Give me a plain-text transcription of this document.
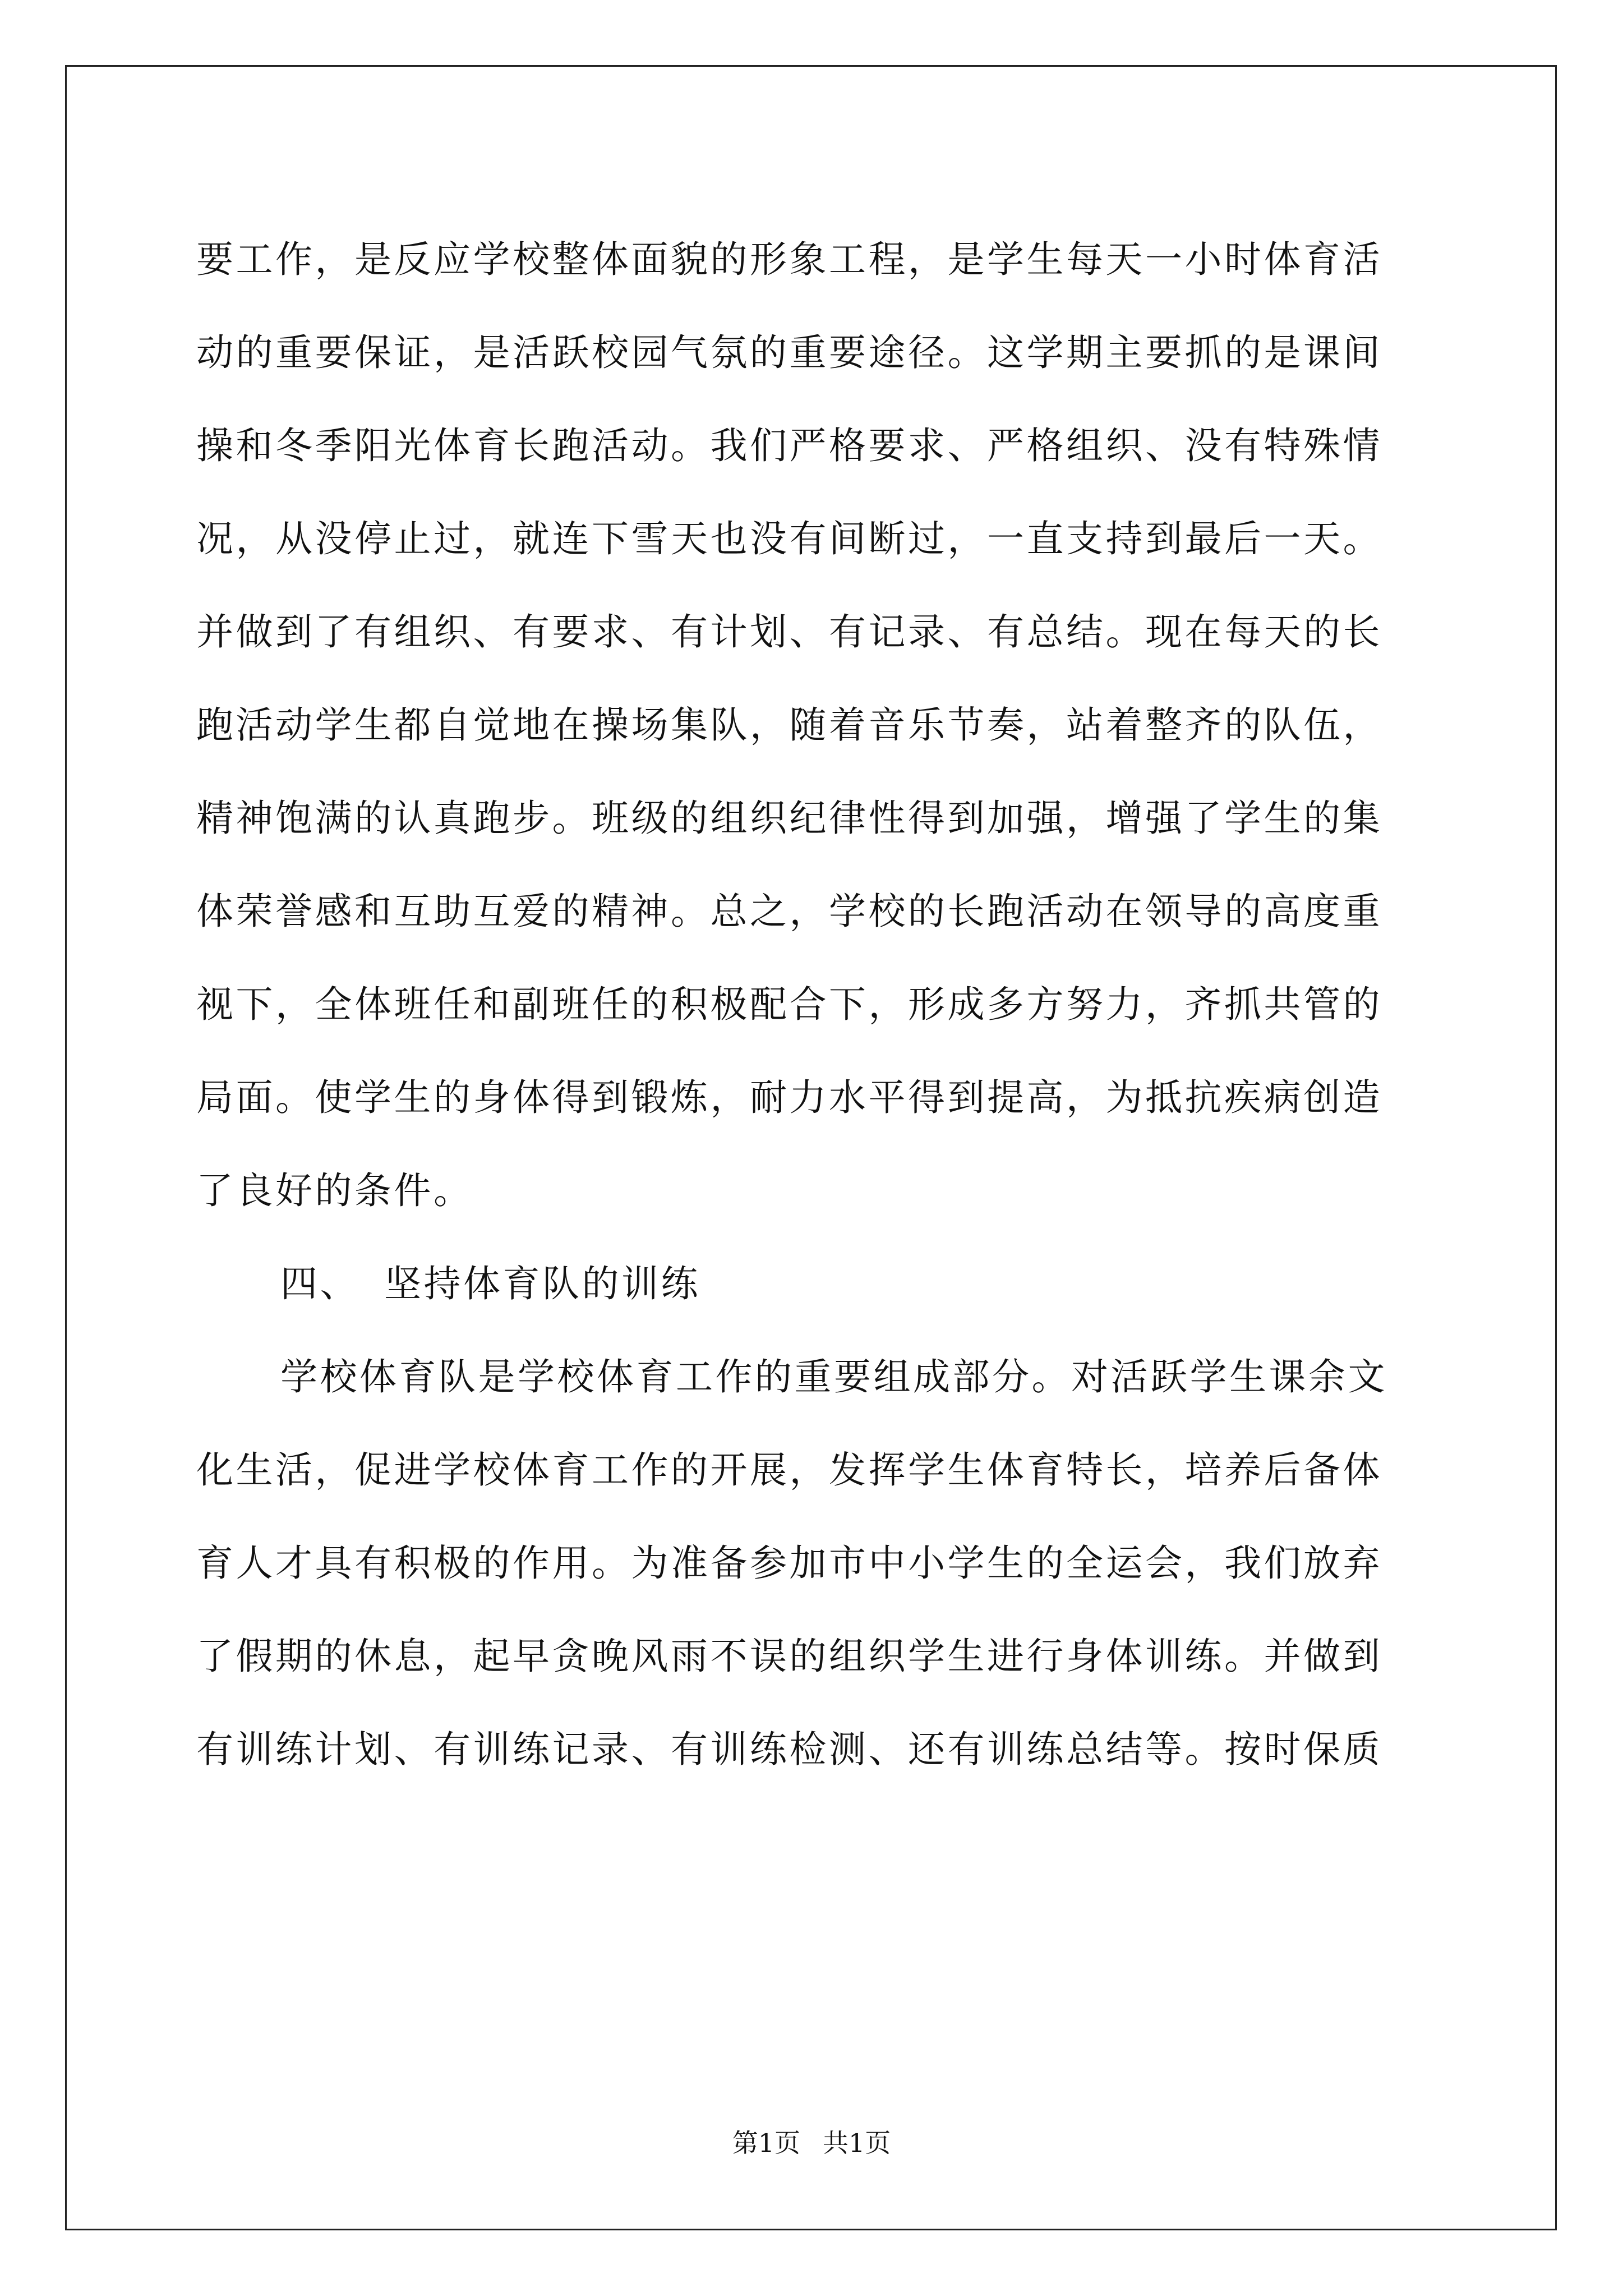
要工作，是反应学校整体面貌的形象工程，是学生每天一小时体育活
动的重要保证，是活跃校园气氛的重要途径。这学期主要抓的是课间
操和冬季阳光体育长跑活动。我们严格要求、严格组织、没有特殊情
况，从没停止过，就连下雪天也没有间断过，一直支持到最后一天。
并做到了有组织、有要求、有计划、有记录、有总结。现在每天的长
跑活动学生都自觉地在操场集队，随着音乐节奏，站着整齐的队伍，
精神饱满的认真跑步。班级的组织纪律性得到加强，增强了学生的集
体荣誉感和互助互爱的精神。总之，学校的长跑活动在领导的高度重
视下，全体班任和副班任的积极配合下，形成多方努力，齐抓共管的
局面。使学生的身体得到锻炼，耐力水平得到提高，为抵抗疾病创造
了良好的条件。
四、 坚持体育队的训练
学校体育队是学校体育工作的重要组成部分。对活跃学生课余文
化生活，促进学校体育工作的开展，发挥学生体育特长，培养后备体
育人才具有积极的作用。为准备参加市中小学生的全运会，我们放弃
了假期的休息，起早贪晚风雨不误的组织学生进行身体训练。并做到
有训练计划、有训练记录、有训练检测、还有训练总结等。按时保质
第1页 共1页
